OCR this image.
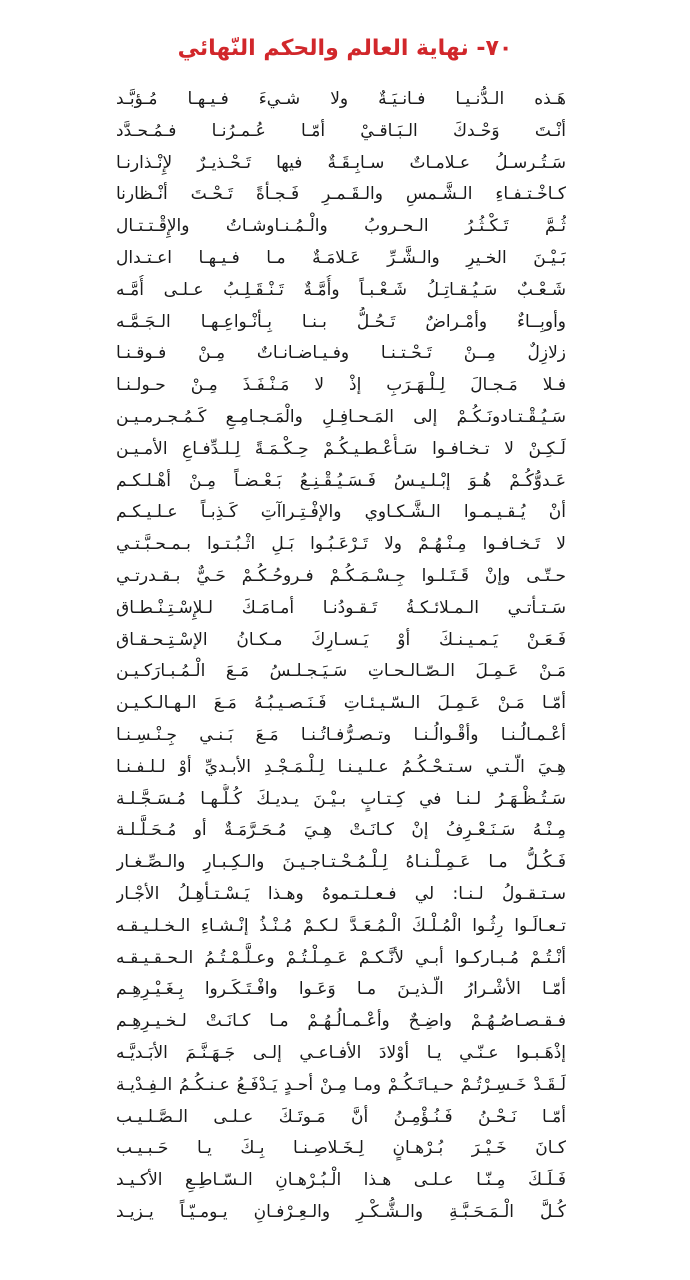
٧٠- نهاية العالم والحكم النّهائي
هَـذه الـدُّنـيـا فـانـيَـةٌ ولا شـيءَ فـيـهـا مُـؤبَّـد
أنْـتَ وَحْـدكَ الـبَـاقـيْ أمّـا عُـمـرُنـا فـمُـحـدَّد
سَـتُـرسـلُ عـلامـاتٌ سـابِـقَـةٌ فيها تَـحْـذيـرٌ لإِنْـذارنـا
كـاخْـتـفـاءِ الـشَّـمسِ والـقَـمـرِ فَـجـأةً تَـحْـتَ أنْـظارنا
ثُـمَّ تَـكْـثُـرُ الـحـروبُ والْـمُـنـاوشـاتُ والإِقْـتـتـال
بَـيْـنَ الخـيرِ والـشَّـرِّ عَـلامَـةٌ مـا فـيـهـا اعـتـدال
شَـعْـبٌ سَـيُـقـاتِـلُ شَـعْـبـاً وأُمَّـةٌ تَـنْـقَـلِـبُ عـلـى أُمَّـه
وأوبِــاءٌ وأمْـراضٌ تَـحُـلُّ بـنـا بِـأنْـواعِـهـا الـجَـمَّـه
زلازِلٌ مِــنْ تَـحْـتـنـا وفـيـاضـانـاتٌ مِـنْ فـوقـنـا
فـلا مَـجـالَ لِـلْـهَـرَبِ إذْ لا مَـنْـفَـذَ مِـنْ حـولـنـا
سَـيُـقْـتـادونَـكُـمْ إلى المَـحـافِـلِ والْمَـجـامِـعِ كَـمُـجـرمـيـن
لَـكِـنْ لا تـخـافـوا سَـأُعْـطـيـكُـمْ حِـكْـمَـةً لِـلـدِّفـاعِ الأمـيـن
عَـدوُّكُـمْ هُـوَ إبْـلـيـسُ فَـسَـيُـقْـنِـعُ بَـعْـضـاً مِـنْ أهْـلـكـم
أنْ يُـقـيـمـوا الـشَّـكـاوي والإفْـتِـراآتِ كَـذِبـاً عـلـيـكـم
لا تَـخـافـوا مِـنْـهُـمْ ولا تَـرْعَـبُـوا بَـلِ اثْـبُـتـوا بـمـحـبَّـتـي
حـتّـى وإنْ قَـتَـلـوا جِـسْـمَـكُـمْ فـروحُـكُـمْ حَـيٌّ بـقـدرتـي
سَـتـأتـي الـمـلائـكـةُ تَـقـودُنـا أمـامَـكَ لـلإِسْـتِـنْـطـاق
فَـعَـنْ يَـمـيـنـكَ أوْ يَـسـارِكَ مـكـانُ الإسْـتِـحـقـاق
مَـنْ عَـمِـلَ الـصّـالـحـاتِ سَـيَـجـلـسُ مَـعَ الْـمُـبـارَكـيـن
أمّـا مَـنْ عَـمِـلَ الـسّـيـئـاتِ فَـنَـصـيـبُـهُ مَـعَ الـهـالـكـيـن
أعْـمـالُـنـا وأقْـوالُـنـا وتـصـرُّفـاتُـنـا مَـعَ بَـنـي جِـنْـسِـنـا
هِـيَ الّـتـي سـتـحْـكُـمُ عـلـيـنـا لِـلْـمَـجْـدِ الأبـديِّ أوْ لـلـفـنـا
سَـتُـظْـهَـرُ لـنـا في كِـتـابٍ بـيْـنَ يـديـكَ كُـلُّـهـا مُـسَـجَّـلـة
مِـنْـهُ سَـنَـعْـرِفُ إنْ كـانَـتْ هِـيَ مُـحَـرَّمَـةٌ أو مُـحَـلَّـلـة
فَـكُـلُّ مـا عَـمِـلْـنـاهُ لِـلْـمُـحْـتـاجـيـنَ والـكِـبـارِ والـصِّـغـار
سـتـقـولُ لـنـا: لي فـعـلـتـموهُ وهـذا يَـسْـتـأهِـلُ الأجْـار
تـعـالَـوا رِثُـوا الْمُـلْـكَ الْـمُـعَـدَّ لـكـمْ مُـنْـذُ إنْـشـاءِ الـخـلـيـقـه
أنْـتُـمْ مُـبـاركـوا أبـي لأنَّـكـمْ عَـمِـلْـتُـمْ وعـلَّـمْـتُـمُ الـحـقـيـقـه
أمّـا الأشْـرارُ الّـذيـنَ مـا وَعَـوا وافْـتَـكَـروا بِـغَـيْـرِهِـم
فـقـصـاصُـهُـمْ واضِـحٌ وأعْـمـالُـهُـمْ مـا كـانَـتْ لـخـيـرِهِـم
إذْهَـبـوا عـنّـي يـا أوْلادَ الأفـاعـي إلـى جَـهَـنَّـمَ الأبَـديَّـه
لَـقَـدْ خَـسِـرْتُـمْ حـيـاتَـكُـمْ ومـا مِـنْ أحـدٍ يَـدْفَـعُ عـنـكُـمُ الـفِـدْيـة
أمّـا نَـحْـنُ فَـنُـؤْمِـنُ أنَّ مَـوتَـكَ عـلـى الـصَّـلـيـب
كـانَ خَـيْـرَ بُـرْهـانٍ لِـخَـلاصِـنـا بِـكَ يـا حَـبـيـب
فَـلَـكَ مِـنّـا عـلـى هـذا الْـبُـرْهـانِ الـسّـاطِـعِ الأكـيـد
كُـلَّ الْـمَـحَـبَّـةِ والـشُّـكْـرِ والـعِـرْفـانِ يـومـيّـاً يـزيـد
